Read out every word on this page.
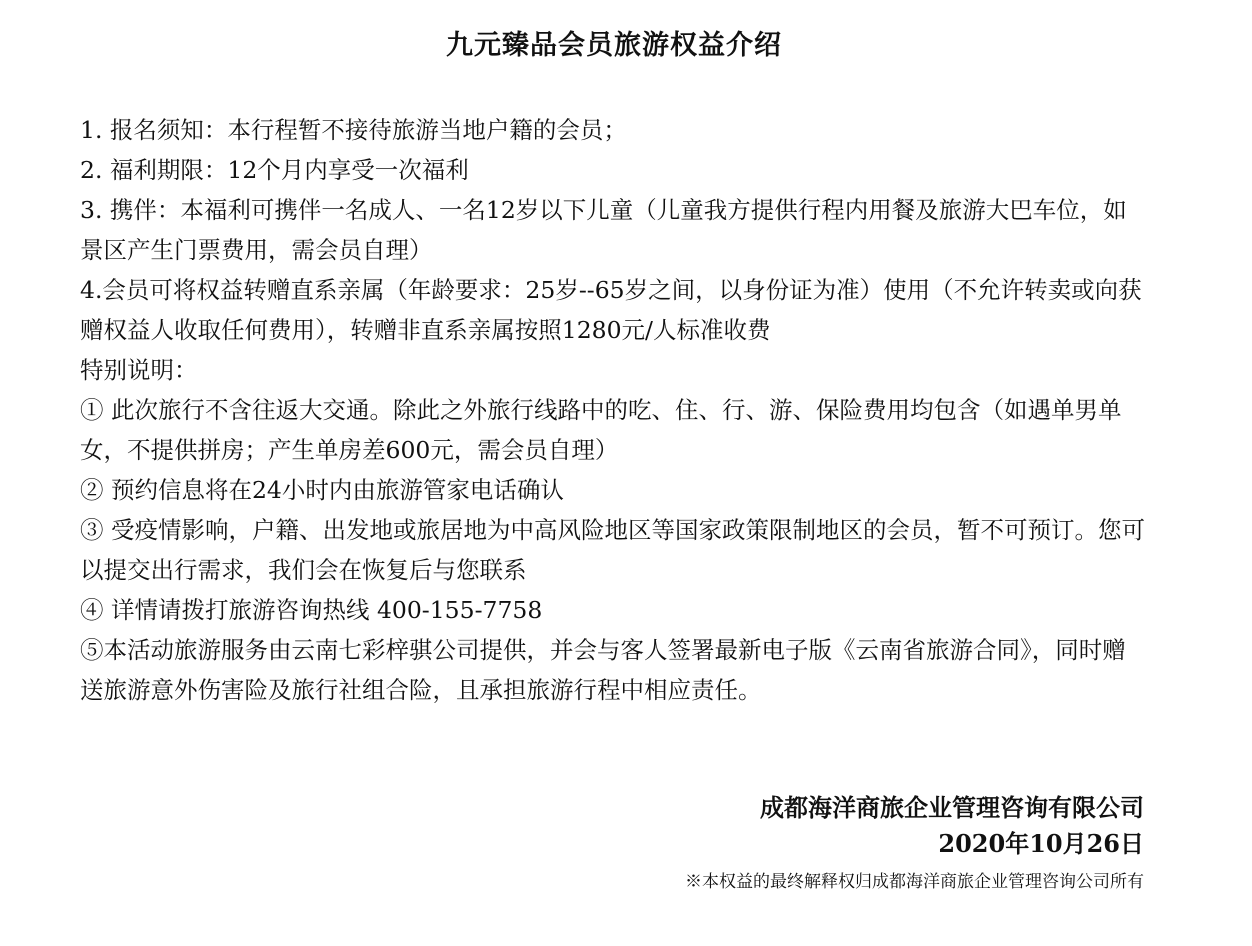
九元臻品会员旅游权益介绍

1. 报名须知：本行程暂不接待旅游当地户籍的会员；

2. 福利期限：12个月内享受一次福利

3. 携伴：本福利可携伴一名成人、一名12岁以下儿童（儿童我方提供行程内用餐及旅游大巴车位，如景区产生门票费用，需会员自理）

4.会员可将权益转赠直系亲属（年龄要求：25岁--65岁之间，以身份证为准）使用（不允许转卖或向获赠权益人收取任何费用），转赠非直系亲属按照1280元/人标准收费

特别说明：

① 此次旅行不含往返大交通。除此之外旅行线路中的吃、住、行、游、保险费用均包含（如遇单男单女，不提供拼房；产生单房差600元，需会员自理）

② 预约信息将在24小时内由旅游管家电话确认

③ 受疫情影响，户籍、出发地或旅居地为中高风险地区等国家政策限制地区的会员，暂不可预订。您可以提交出行需求，我们会在恢复后与您联系

④ 详情请拨打旅游咨询热线 400-155-7758

⑤本活动旅游服务由云南七彩梓骐公司提供，并会与客人签署最新电子版《云南省旅游合同》，同时赠送旅游意外伤害险及旅行社组合险，且承担旅游行程中相应责任。

成都海洋商旅企业管理咨询有限公司
2020年10月26日
※本权益的最终解释权归成都海洋商旅企业管理咨询公司所有
